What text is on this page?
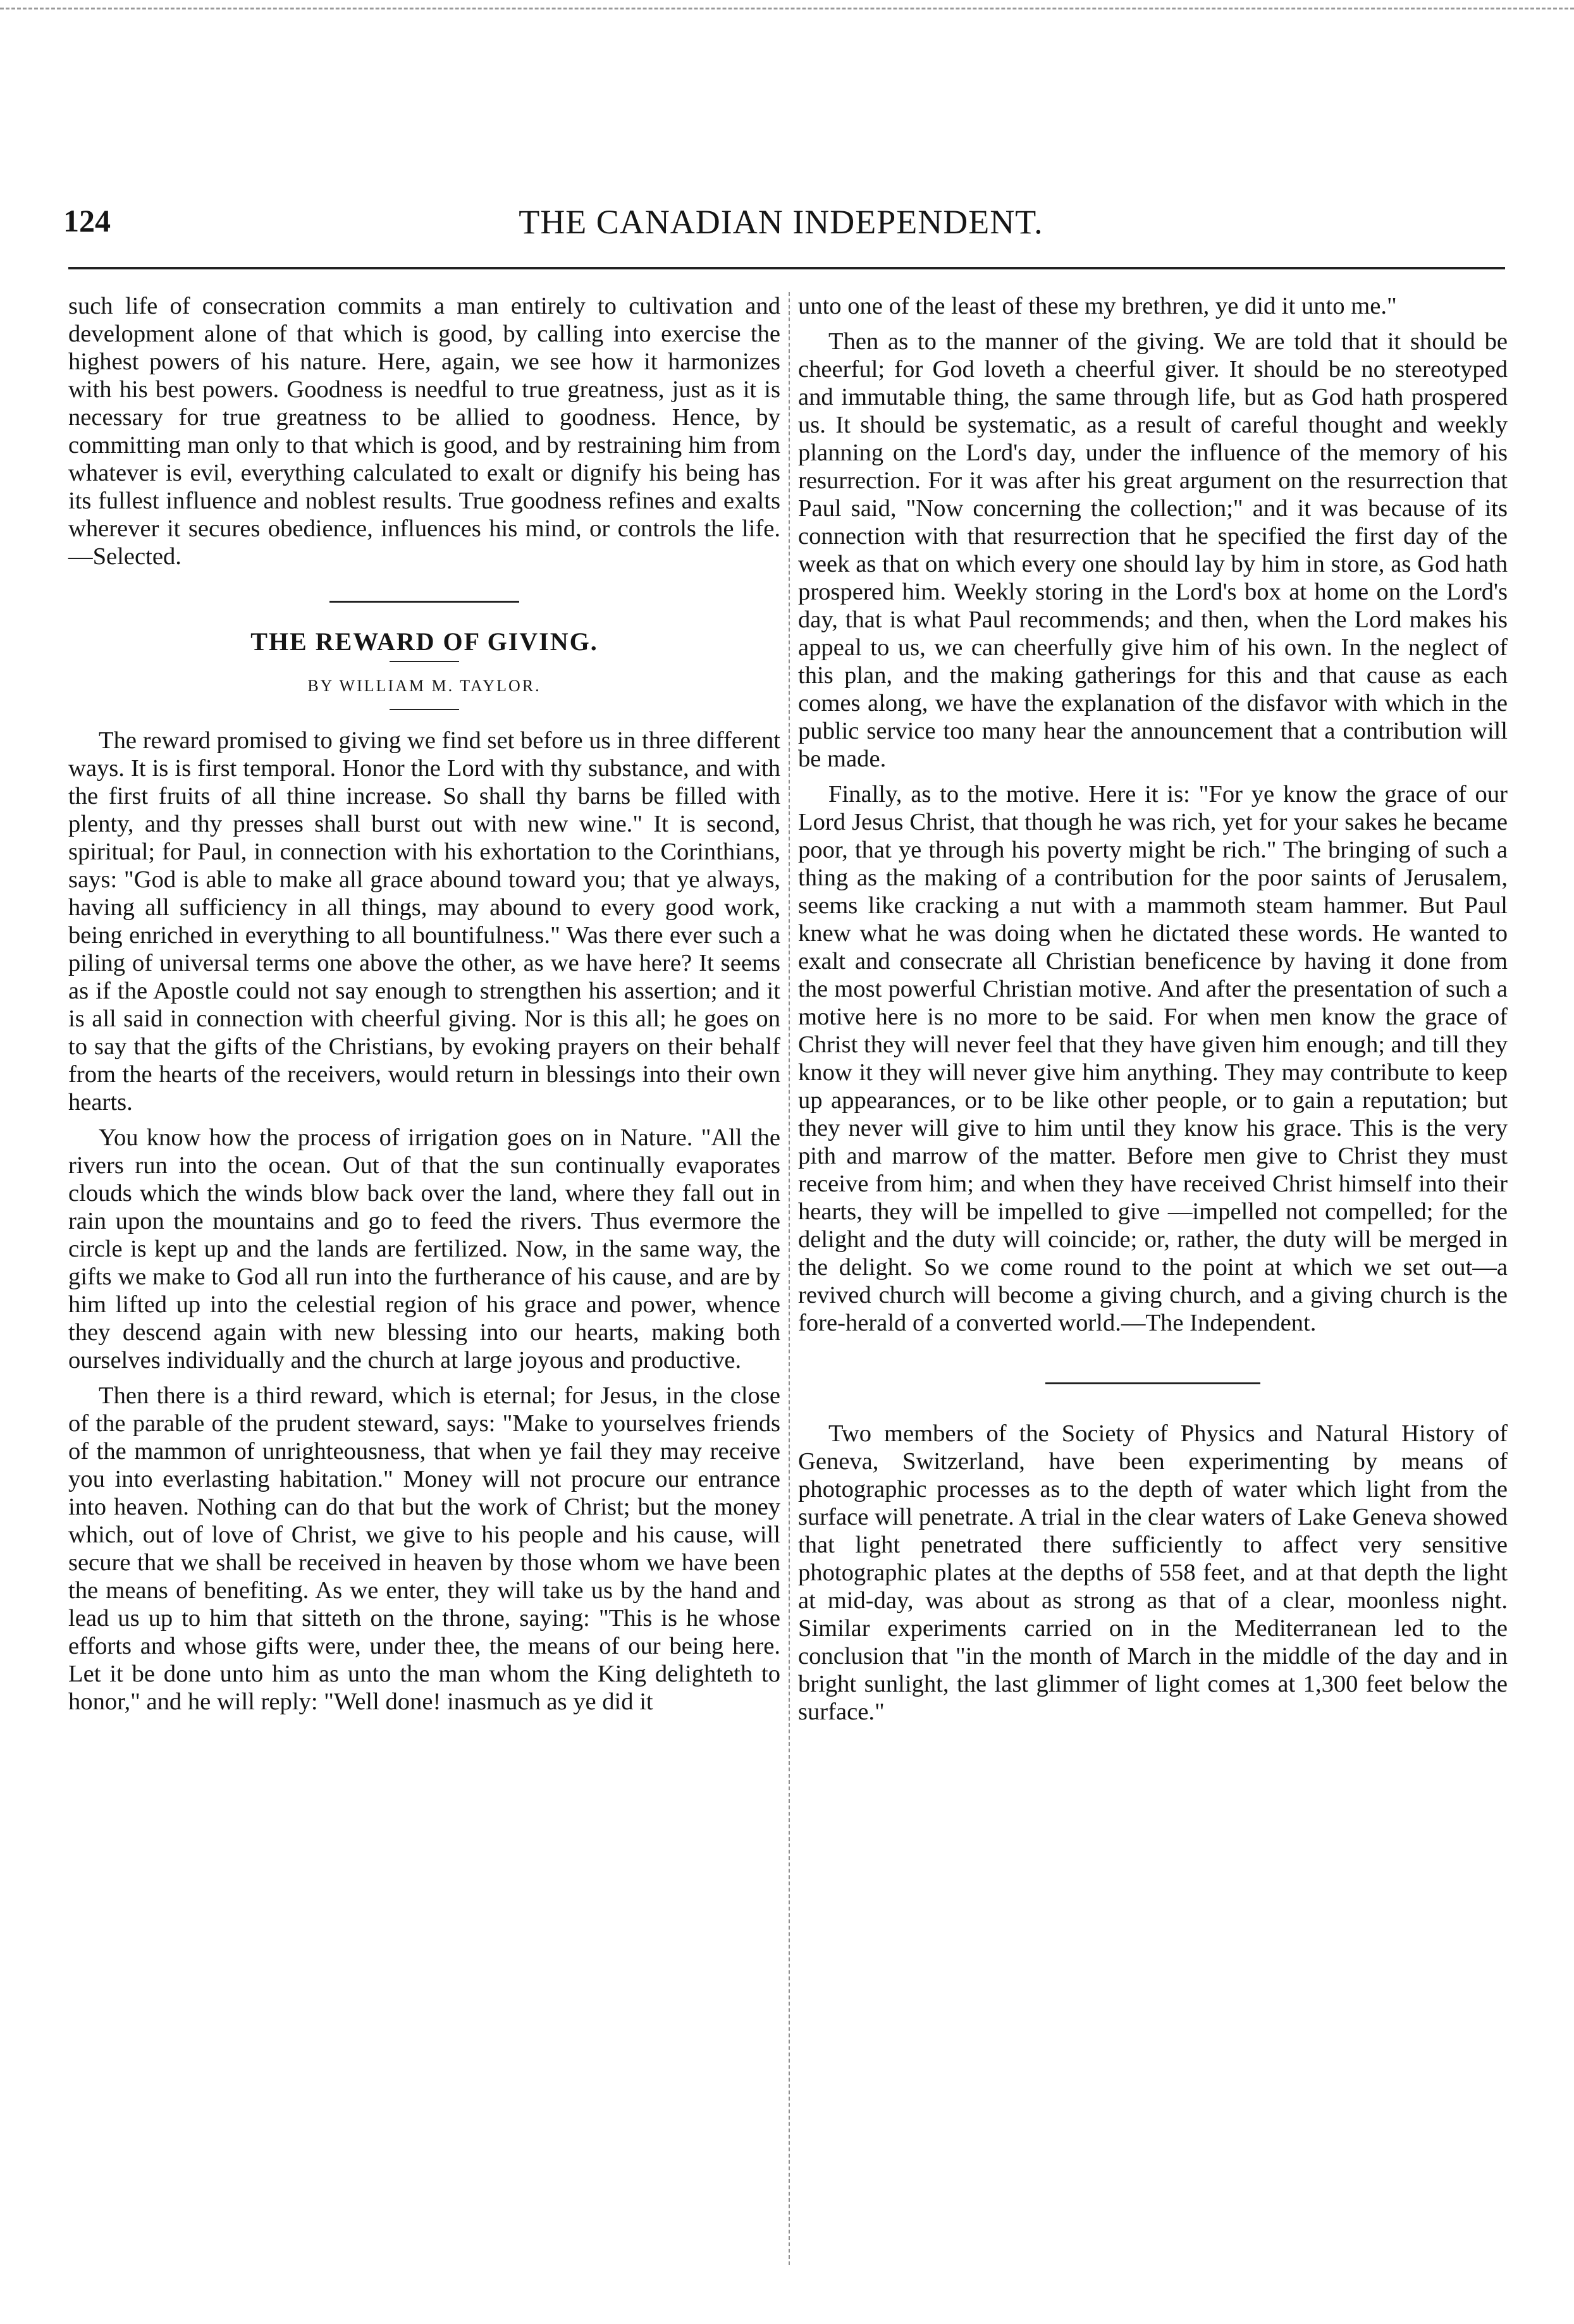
124	THE CANADIAN INDEPENDENT.

such life of consecration commits a man entirely to cultivation and development alone of that which is good, by calling into exercise the highest powers of his nature. Here, again, we see how it harmonizes with his best powers. Goodness is needful to true greatness, just as it is necessary for true greatness to be allied to goodness. Hence, by committing man only to that which is good, and by restraining him from whatever is evil, everything calculated to exalt or dignify his being has its fullest influence and noblest results. True goodness refines and exalts wherever it secures obedience, influences his mind, or controls the life.—Selected.

THE REWARD OF GIVING.
BY WILLIAM M. TAYLOR.

The reward promised to giving we find set before us in three different ways. It is is first temporal. Honor the Lord with thy substance, and with the first fruits of all thine increase. So shall thy barns be filled with plenty, and thy presses shall burst out with new wine." It is second, spiritual; for Paul, in connection with his exhortation to the Corinthians, says: "God is able to make all grace abound toward you; that ye always, having all sufficiency in all things, may abound to every good work, being enriched in everything to all bountifulness." Was there ever such a piling of universal terms one above the other, as we have here? It seems as if the Apostle could not say enough to strengthen his assertion; and it is all said in connection with cheerful giving. Nor is this all; he goes on to say that the gifts of the Christians, by evoking prayers on their behalf from the hearts of the receivers, would return in blessings into their own hearts.

You know how the process of irrigation goes on in Nature. "All the rivers run into the ocean. Out of that the sun continually evaporates clouds which the winds blow back over the land, where they fall out in rain upon the mountains and go to feed the rivers. Thus evermore the circle is kept up and the lands are fertilized. Now, in the same way, the gifts we make to God all run into the furtherance of his cause, and are by him lifted up into the celestial region of his grace and power, whence they descend again with new blessing into our hearts, making both ourselves individually and the church at large joyous and productive.

Then there is a third reward, which is eternal; for Jesus, in the close of the parable of the prudent steward, says: "Make to yourselves friends of the mammon of unrighteousness, that when ye fail they may receive you into everlasting habitation." Money will not procure our entrance into heaven. Nothing can do that but the work of Christ; but the money which, out of love of Christ, we give to his people and his cause, will secure that we shall be received in heaven by those whom we have been the means of benefiting. As we enter, they will take us by the hand and lead us up to him that sitteth on the throne, saying: "This is he whose efforts and whose gifts were, under thee, the means of our being here. Let it be done unto him as unto the man whom the King delighteth to honor," and he will reply: "Well done! inasmuch as ye did it

unto one of the least of these my brethren, ye did it unto me."

Then as to the manner of the giving. We are told that it should be cheerful; for God loveth a cheerful giver. It should be no stereotyped and immutable thing, the same through life, but as God hath prospered us. It should be systematic, as a result of careful thought and weekly planning on the Lord's day, under the influence of the memory of his resurrection. For it was after his great argument on the resurrection that Paul said, "Now concerning the collection;" and it was because of its connection with that resurrection that he specified the first day of the week as that on which every one should lay by him in store, as God hath prospered him. Weekly storing in the Lord's box at home on the Lord's day, that is what Paul recommends; and then, when the Lord makes his appeal to us, we can cheerfully give him of his own. In the neglect of this plan, and the making gatherings for this and that cause as each comes along, we have the explanation of the disfavor with which in the public service too many hear the announcement that a contribution will be made.

Finally, as to the motive. Here it is: "For ye know the grace of our Lord Jesus Christ, that though he was rich, yet for your sakes he became poor, that ye through his poverty might be rich." The bringing of such a thing as the making of a contribution for the poor saints of Jerusalem, seems like cracking a nut with a mammoth steam hammer. But Paul knew what he was doing when he dictated these words. He wanted to exalt and consecrate all Christian beneficence by having it done from the most powerful Christian motive. And after the presentation of such a motive here is no more to be said. For when men know the grace of Christ they will never feel that they have given him enough; and till they know it they will never give him anything. They may contribute to keep up appearances, or to be like other people, or to gain a reputation; but they never will give to him until they know his grace. This is the very pith and marrow of the matter. Before men give to Christ they must receive from him; and when they have received Christ himself into their hearts, they will be impelled to give —impelled not compelled; for the delight and the duty will coincide; or, rather, the duty will be merged in the delight. So we come round to the point at which we set out—a revived church will become a giving church, and a giving church is the fore-herald of a converted world.—The Independent.

Two members of the Society of Physics and Natural History of Geneva, Switzerland, have been experimenting by means of photographic processes as to the depth of water which light from the surface will penetrate. A trial in the clear waters of Lake Geneva showed that light penetrated there sufficiently to affect very sensitive photographic plates at the depths of 558 feet, and at that depth the light at mid-day, was about as strong as that of a clear, moonless night. Similar experiments carried on in the Mediterranean led to the conclusion that "in the month of March in the middle of the day and in bright sunlight, the last glimmer of light comes at 1,300 feet below the surface."
